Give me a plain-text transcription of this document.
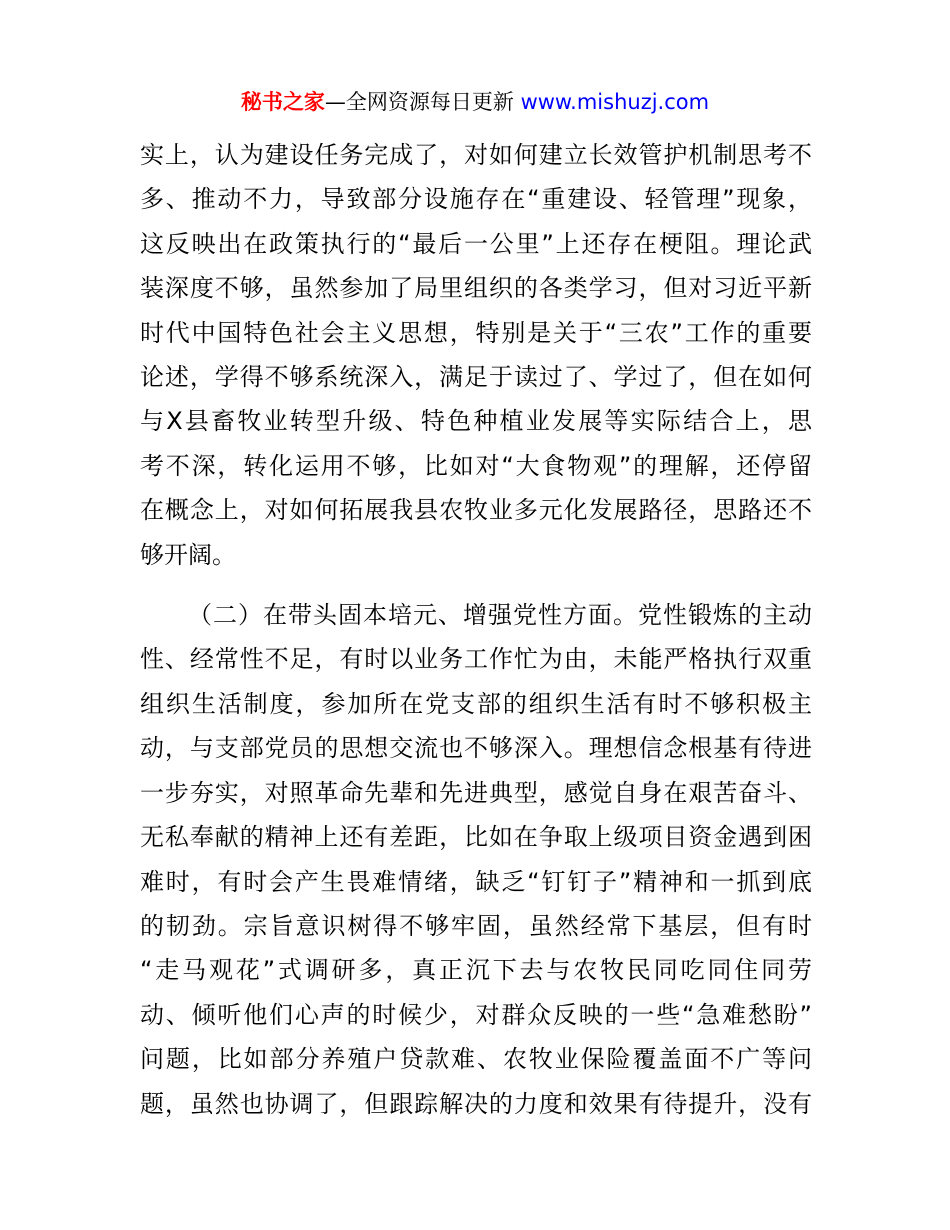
秘书之家—全网资源每日更新 www.mishuzj.com

实上，认为建设任务完成了，对如何建立长效管护机制思考不
多、推动不力，导致部分设施存在“重建设、轻管理”现象，
这反映出在政策执行的“最后一公里”上还存在梗阻。理论武
装深度不够，虽然参加了局里组织的各类学习，但对习近平新
时代中国特色社会主义思想，特别是关于“三农”工作的重要
论述，学得不够系统深入，满足于读过了、学过了，但在如何
与X县畜牧业转型升级、特色种植业发展等实际结合上，思
考不深，转化运用不够，比如对“大食物观”的理解，还停留
在概念上，对如何拓展我县农牧业多元化发展路径，思路还不
够开阔。

（二）在带头固本培元、增强党性方面。党性锻炼的主动
性、经常性不足，有时以业务工作忙为由，未能严格执行双重
组织生活制度，参加所在党支部的组织生活有时不够积极主
动，与支部党员的思想交流也不够深入。理想信念根基有待进
一步夯实，对照革命先辈和先进典型，感觉自身在艰苦奋斗、
无私奉献的精神上还有差距，比如在争取上级项目资金遇到困
难时，有时会产生畏难情绪，缺乏“钉钉子”精神和一抓到底
的韧劲。宗旨意识树得不够牢固，虽然经常下基层，但有时
“走马观花”式调研多，真正沉下去与农牧民同吃同住同劳
动、倾听他们心声的时候少，对群众反映的一些“急难愁盼”
问题，比如部分养殖户贷款难、农牧业保险覆盖面不广等问
题，虽然也协调了，但跟踪解决的力度和效果有待提升，没有
